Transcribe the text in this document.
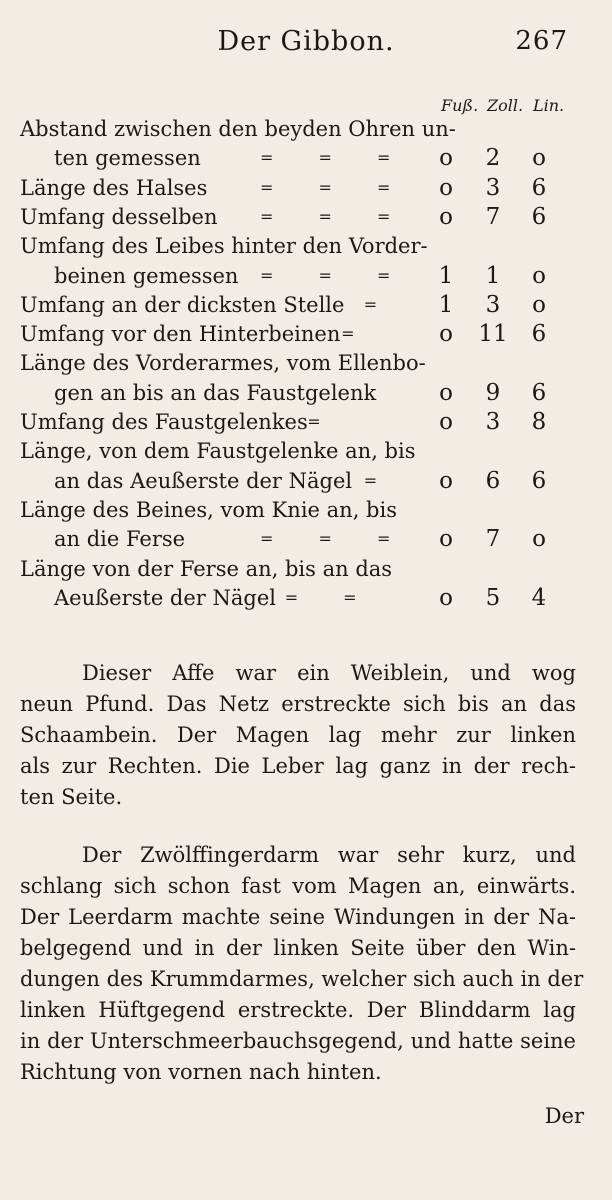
Der Gibbon.	267
Fuß. Zoll. Lin.
Abstand zwischen den beyden Ohren un-
ten gemessen	= = =	o	2	o
Länge des Halses	= = =	o	3	6
Umfang desselben	= = =	o	7	6
Umfang des Leibes hinter den Vorder-
beinen gemessen = = =	1	1	o
Umfang an der dicksten Stelle =	1	3	o
Umfang vor den Hinterbeinen =	o	11	6
Länge des Vorderarmes, vom Ellenbo-
gen an bis an das Faustgelenk	o	9	6
Umfang des Faustgelenkes =	o	3	8
Länge, von dem Faustgelenke an, bis
an das Aeußerste der Nägel =	o	6	6
Länge des Beines, vom Knie an, bis
an die Ferse	= = =	o	7	o
Länge von der Ferse an, bis an das
Aeußerste der Nägel = =	o	5	4
Dieser Affe war ein Weiblein, und wog
neun Pfund. Das Netz erstreckte sich bis an das
Schaambein. Der Magen lag mehr zur linken
als zur Rechten. Die Leber lag ganz in der rech-
ten Seite.
Der Zwölffingerdarm war sehr kurz, und
schlang sich schon fast vom Magen an, einwärts.
Der Leerdarm machte seine Windungen in der Na-
belgegend und in der linken Seite über den Win-
dungen des Krummdarmes, welcher sich auch in der
linken Hüftgegend erstreckte. Der Blinddarm lag
in der Unterschmeerbauchsgegend, und hatte seine
Richtung von vornen nach hinten.
Der
